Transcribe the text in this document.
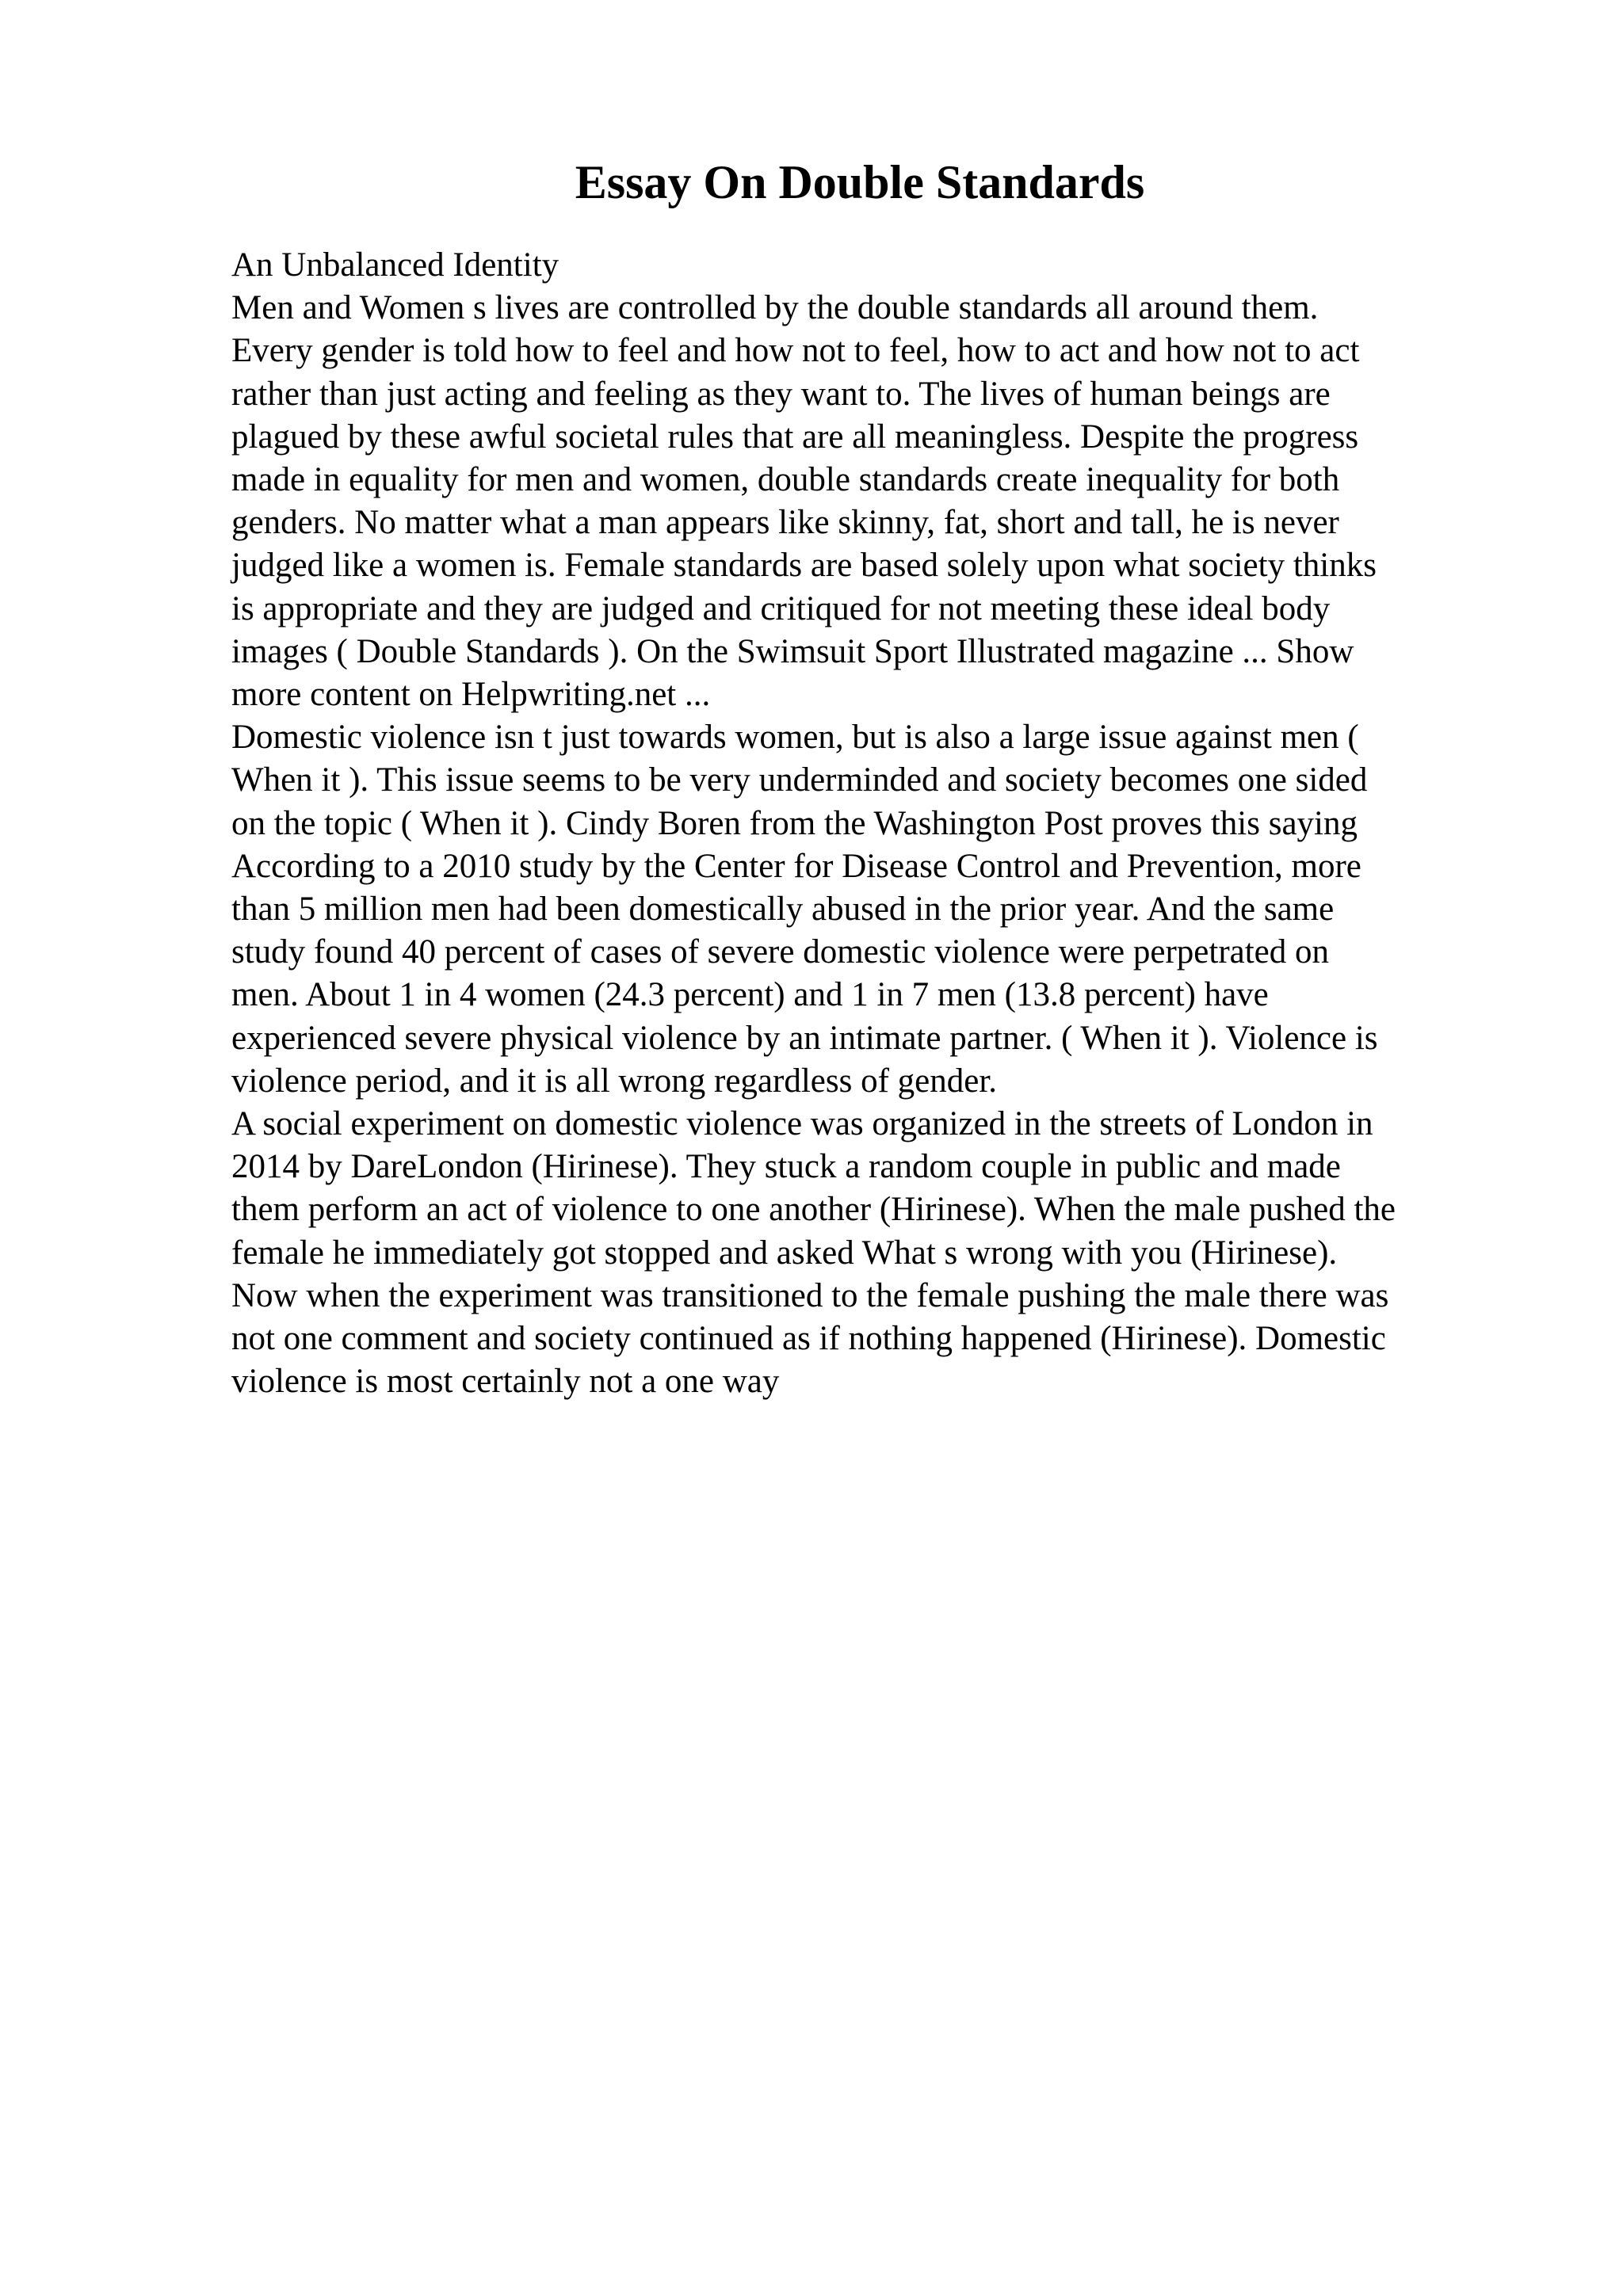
Essay On Double Standards

An Unbalanced Identity

Men and Women s lives are controlled by the double standards all around them.
Every gender is told how to feel and how not to feel, how to act and how not to act
rather than just acting and feeling as they want to. The lives of human beings are
plagued by these awful societal rules that are all meaningless. Despite the progress
made in equality for men and women, double standards create inequality for both
genders. No matter what a man appears like skinny, fat, short and tall, he is never
judged like a women is. Female standards are based solely upon what society thinks
is appropriate and they are judged and critiqued for not meeting these ideal body
images ( Double Standards ). On the Swimsuit Sport Illustrated magazine ... Show
more content on Helpwriting.net ...

Domestic violence isn t just towards women, but is also a large issue against men (
When it ). This issue seems to be very underminded and society becomes one sided
on the topic ( When it ). Cindy Boren from the Washington Post proves this saying
According to a 2010 study by the Center for Disease Control and Prevention, more
than 5 million men had been domestically abused in the prior year. And the same
study found 40 percent of cases of severe domestic violence were perpetrated on
men. About 1 in 4 women (24.3 percent) and 1 in 7 men (13.8 percent) have
experienced severe physical violence by an intimate partner. ( When it ). Violence is
violence period, and it is all wrong regardless of gender.

A social experiment on domestic violence was organized in the streets of London in
2014 by DareLondon (Hirinese). They stuck a random couple in public and made
them perform an act of violence to one another (Hirinese). When the male pushed the
female he immediately got stopped and asked What s wrong with you (Hirinese).
Now when the experiment was transitioned to the female pushing the male there was
not one comment and society continued as if nothing happened (Hirinese). Domestic
violence is most certainly not a one way
